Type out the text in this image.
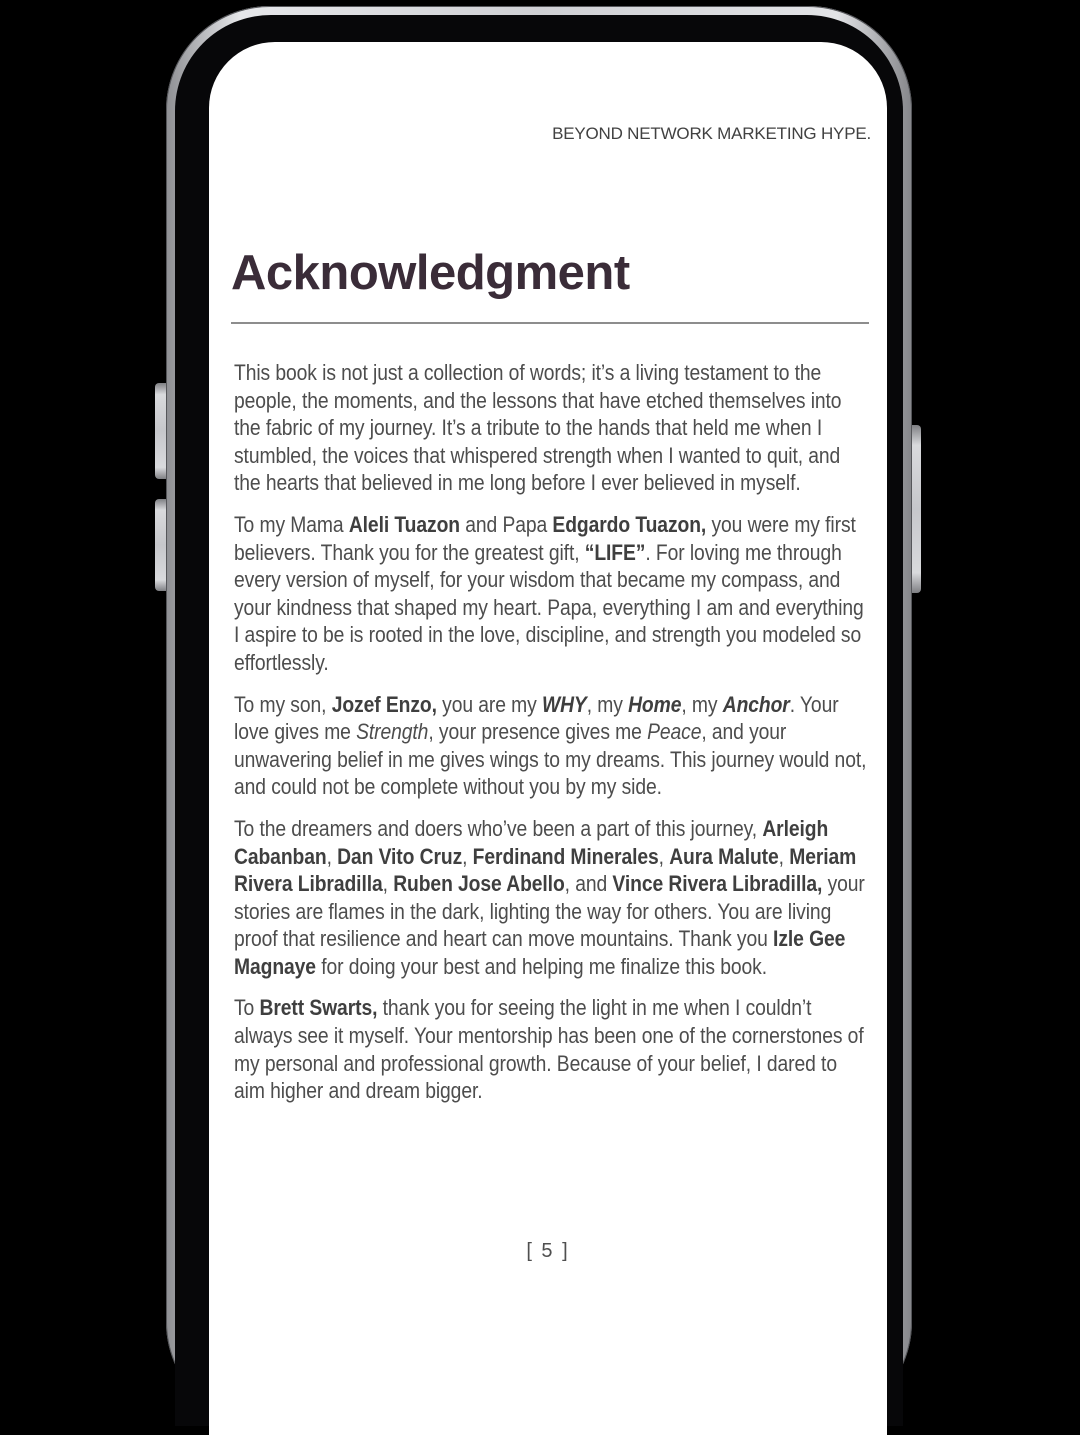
BEYOND NETWORK MARKETING HYPE.
Acknowledgment

This book is not just a collection of words; it’s a living testament to the people, the moments, and the lessons that have etched themselves into the fabric of my journey. It’s a tribute to the hands that held me when I stumbled, the voices that whispered strength when I wanted to quit, and the hearts that believed in me long before I ever believed in myself.

To my Mama Aleli Tuazon and Papa Edgardo Tuazon, you were my first believers. Thank you for the greatest gift, “LIFE”. For loving me through every version of myself, for your wisdom that became my compass, and your kindness that shaped my heart. Papa, everything I am and everything I aspire to be is rooted in the love, discipline, and strength you modeled so effortlessly.

To my son, Jozef Enzo, you are my WHY, my Home, my Anchor. Your love gives me Strength, your presence gives me Peace, and your unwavering belief in me gives wings to my dreams. This journey would not, and could not be complete without you by my side.

To the dreamers and doers who’ve been a part of this journey, Arleigh Cabanban, Dan Vito Cruz, Ferdinand Minerales, Aura Malute, Meriam Rivera Libradilla, Ruben Jose Abello, and Vince Rivera Libradilla, your stories are flames in the dark, lighting the way for others. You are living proof that resilience and heart can move mountains. Thank you Izle Gee Magnaye for doing your best and helping me finalize this book.

To Brett Swarts, thank you for seeing the light in me when I couldn’t always see it myself. Your mentorship has been one of the cornerstones of my personal and professional growth. Because of your belief, I dared to aim higher and dream bigger.

[ 5 ]
